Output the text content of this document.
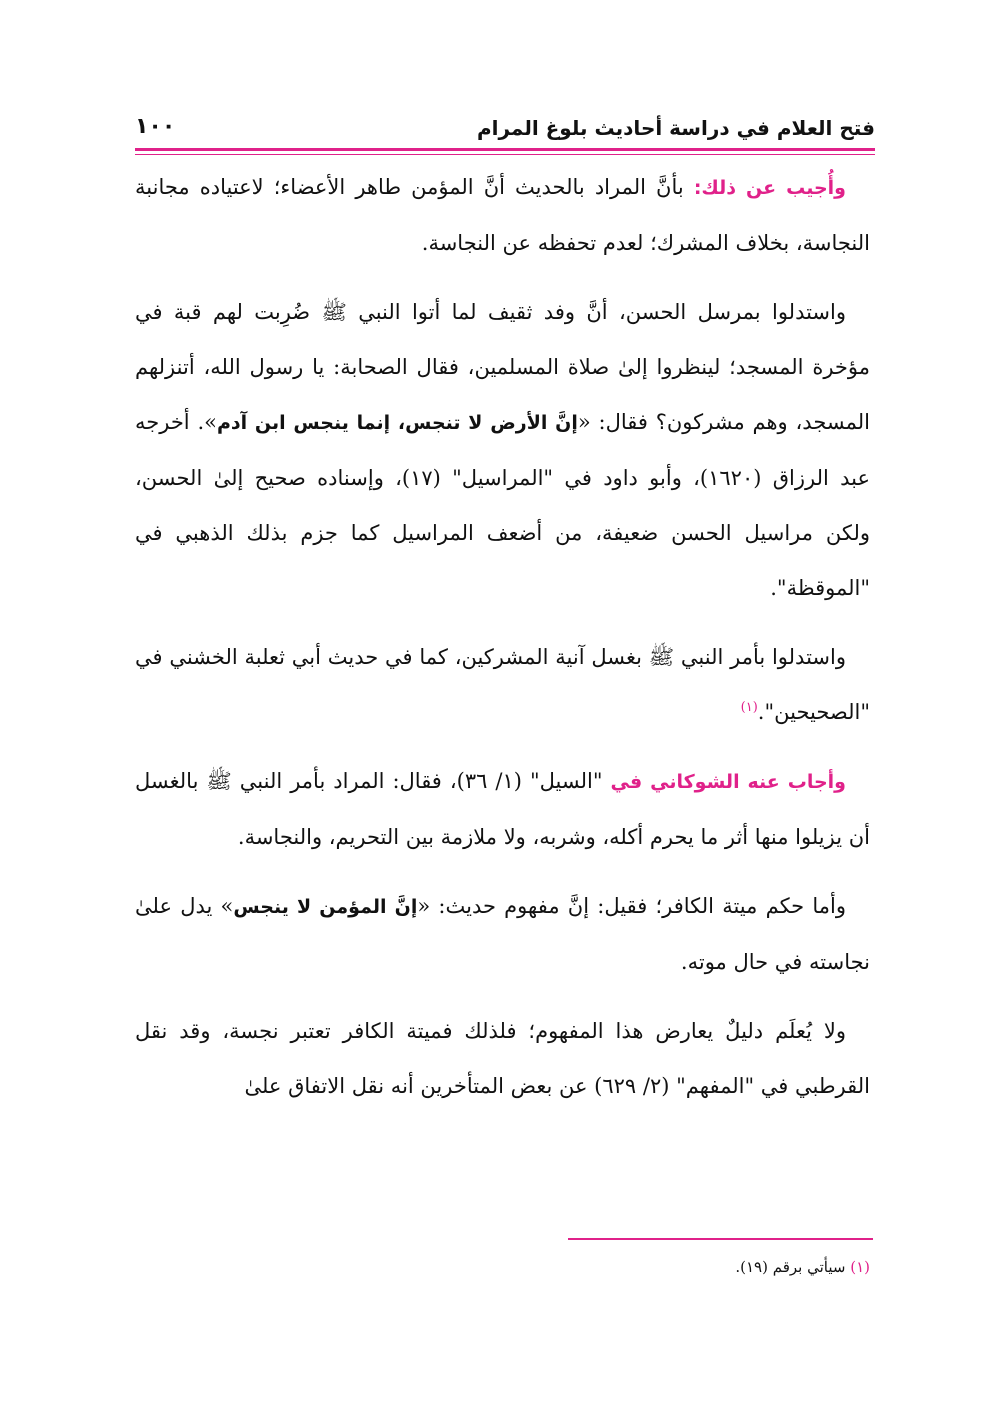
فتح العلام في دراسة أحاديث بلوغ المرام
١٠٠

وأُجيب عن ذلك: بأنَّ المراد بالحديث أنَّ المؤمن طاهر الأعضاء؛ لاعتياده مجانبة النجاسة، بخلاف المشرك؛ لعدم تحفظه عن النجاسة.

واستدلوا بمرسل الحسن، أنَّ وفد ثقيف لما أتوا النبي ﷺ ضُرِبت لهم قبة في مؤخرة المسجد؛ لينظروا إلىٰ صلاة المسلمين، فقال الصحابة: يا رسول الله، أتنزلهم المسجد، وهم مشركون؟ فقال: «إنَّ الأرض لا تنجس، إنما ينجس ابن آدم». أخرجه عبد الرزاق (١٦٢٠)، وأبو داود في "المراسيل" (١٧)، وإسناده صحيح إلىٰ الحسن، ولكن مراسيل الحسن ضعيفة، من أضعف المراسيل كما جزم بذلك الذهبي في "الموقظة".

واستدلوا بأمر النبي ﷺ بغسل آنية المشركين، كما في حديث أبي ثعلبة الخشني في "الصحيحين".$^{(١)}$

وأجاب عنه الشوكاني في "السيل" (١/ ٣٦)، فقال: المراد بأمر النبي ﷺ بالغسل أن يزيلوا منها أثر ما يحرم أكله، وشربه، ولا ملازمة بين التحريم، والنجاسة.

وأما حكم ميتة الكافر؛ فقيل: إنَّ مفهوم حديث: «إنَّ المؤمن لا ينجس» يدل علىٰ نجاسته في حال موته.

ولا يُعلَم دليلٌ يعارض هذا المفهوم؛ فلذلك فميتة الكافر تعتبر نجسة، وقد نقل القرطبي في "المفهم" (٢/ ٦٢٩) عن بعض المتأخرين أنه نقل الاتفاق علىٰ

(١) سيأتي برقم (١٩).
